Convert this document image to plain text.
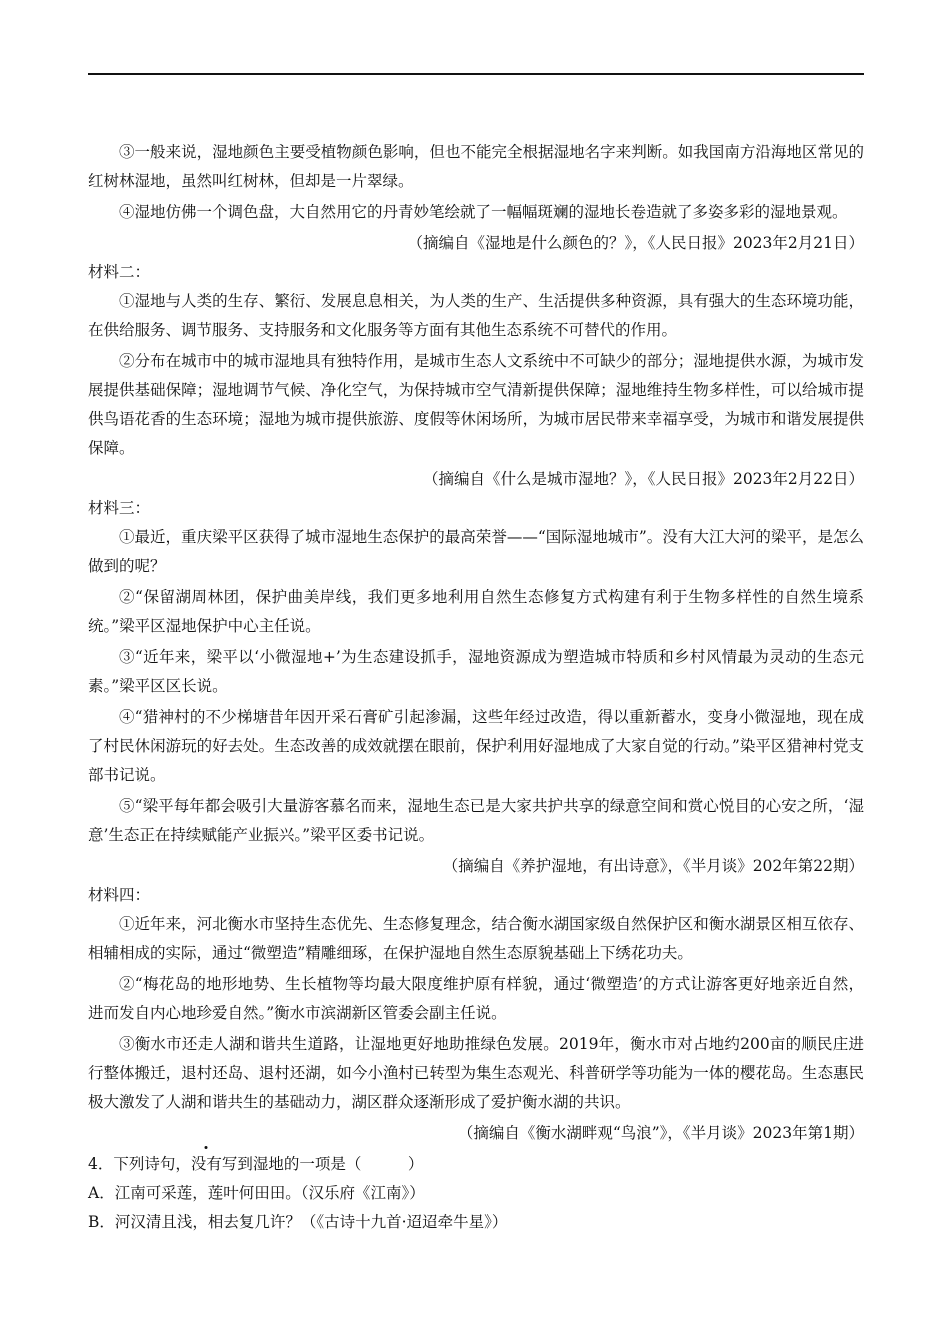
③一般来说，湿地颜色主要受植物颜色影响，但也不能完全根据湿地名字来判断。如我国南方沿海地区常见的红树林湿地，虽然叫红树林，但却是一片翠绿。

④湿地仿佛一个调色盘，大自然用它的丹青妙笔绘就了一幅幅斑斓的湿地长卷造就了多姿多彩的湿地景观。

（摘编自《湿地是什么颜色的？》，《人民日报》2023年2月21日）

材料二：

①湿地与人类的生存、繁衍、发展息息相关，为人类的生产、生活提供多种资源，具有强大的生态环境功能，在供给服务、调节服务、支持服务和文化服务等方面有其他生态系统不可替代的作用。

②分布在城市中的城市湿地具有独特作用，是城市生态人文系统中不可缺少的部分；湿地提供水源，为城市发展提供基础保障；湿地调节气候、净化空气，为保持城市空气清新提供保障；湿地维持生物多样性，可以给城市提供鸟语花香的生态环境；湿地为城市提供旅游、度假等休闲场所，为城市居民带来幸福享受，为城市和谐发展提供保障。

（摘编自《什么是城市湿地？》，《人民日报》2023年2月22日）

材料三：

①最近，重庆梁平区获得了城市湿地生态保护的最高荣誉——“国际湿地城市”。没有大江大河的梁平，是怎么做到的呢？

②“保留湖周林团，保护曲美岸线，我们更多地利用自然生态修复方式构建有利于生物多样性的自然生境系统。”梁平区湿地保护中心主任说。

③“近年来，梁平以‘小微湿地+’为生态建设抓手，湿地资源成为塑造城市特质和乡村风情最为灵动的生态元素。”梁平区区长说。

④“猎神村的不少梯塘昔年因开采石膏矿引起渗漏，这些年经过改造，得以重新蓄水，变身小微湿地，现在成了村民休闲游玩的好去处。生态改善的成效就摆在眼前，保护利用好湿地成了大家自觉的行动。”染平区猎神村党支部书记说。

⑤“梁平每年都会吸引大量游客慕名而来，湿地生态已是大家共护共享的绿意空间和赏心悦目的心安之所，‘湿意’生态正在持续赋能产业振兴。”梁平区委书记说。

（摘编自《养护湿地，有出诗意》，《半月谈》202年第22期）

材料四：

①近年来，河北衡水市坚持生态优先、生态修复理念，结合衡水湖国家级自然保护区和衡水湖景区相互依存、相辅相成的实际，通过“微塑造”精雕细琢，在保护湿地自然生态原貌基础上下绣花功夫。

②“梅花岛的地形地势、生长植物等均最大限度维护原有样貌，通过‘微塑造’的方式让游客更好地亲近自然，进而发自内心地珍爱自然。”衡水市滨湖新区管委会副主任说。

③衡水市还走人湖和谐共生道路，让湿地更好地助推绿色发展。2019年，衡水市对占地约200亩的顺民庄进行整体搬迁，退村还岛、退村还湖，如今小渔村已转型为集生态观光、科普研学等功能为一体的樱花岛。生态惠民极大激发了人湖和谐共生的基础动力，湖区群众逐渐形成了爱护衡水湖的共识。

（摘编自《衡水湖畔观“鸟浪”》，《半月谈》2023年第1期）

4．下列诗句，没有写到湿地的一项是（　　　）

A．江南可采莲，莲叶何田田。（汉乐府《江南》）

B．河汉清且浅，相去复几许？（《古诗十九首·迢迢牵牛星》）
